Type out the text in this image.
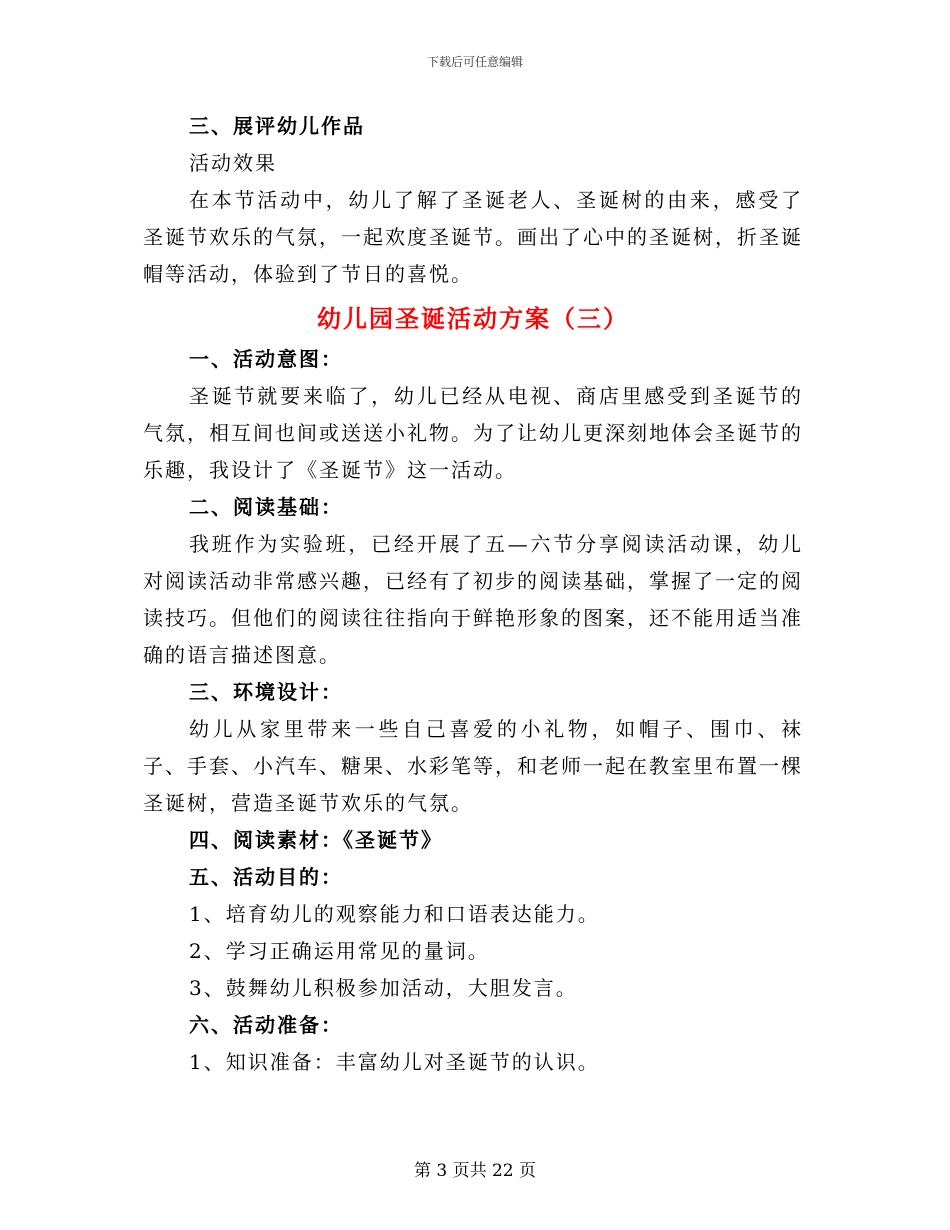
下载后可任意编辑

三、展评幼儿作品

活动效果

在本节活动中，幼儿了解了圣诞老人、圣诞树的由来，感受了圣诞节欢乐的气氛，一起欢度圣诞节。画出了心中的圣诞树，折圣诞帽等活动，体验到了节日的喜悦。

幼儿园圣诞活动方案（三）

一、活动意图：

圣诞节就要来临了，幼儿已经从电视、商店里感受到圣诞节的气氛，相互间也间或送送小礼物。为了让幼儿更深刻地体会圣诞节的乐趣，我设计了《圣诞节》这一活动。

二、阅读基础：

我班作为实验班，已经开展了五—六节分享阅读活动课，幼儿对阅读活动非常感兴趣，已经有了初步的阅读基础，掌握了一定的阅读技巧。但他们的阅读往往指向于鲜艳形象的图案，还不能用适当准确的语言描述图意。

三、环境设计：

幼儿从家里带来一些自己喜爱的小礼物，如帽子、围巾、袜子、手套、小汽车、糖果、水彩笔等，和老师一起在教室里布置一棵圣诞树，营造圣诞节欢乐的气氛。

四、阅读素材：《圣诞节》

五、活动目的：

1、培育幼儿的观察能力和口语表达能力。

2、学习正确运用常见的量词。

3、鼓舞幼儿积极参加活动，大胆发言。

六、活动准备：

1、知识准备：丰富幼儿对圣诞节的认识。

第 3 页共 22 页
